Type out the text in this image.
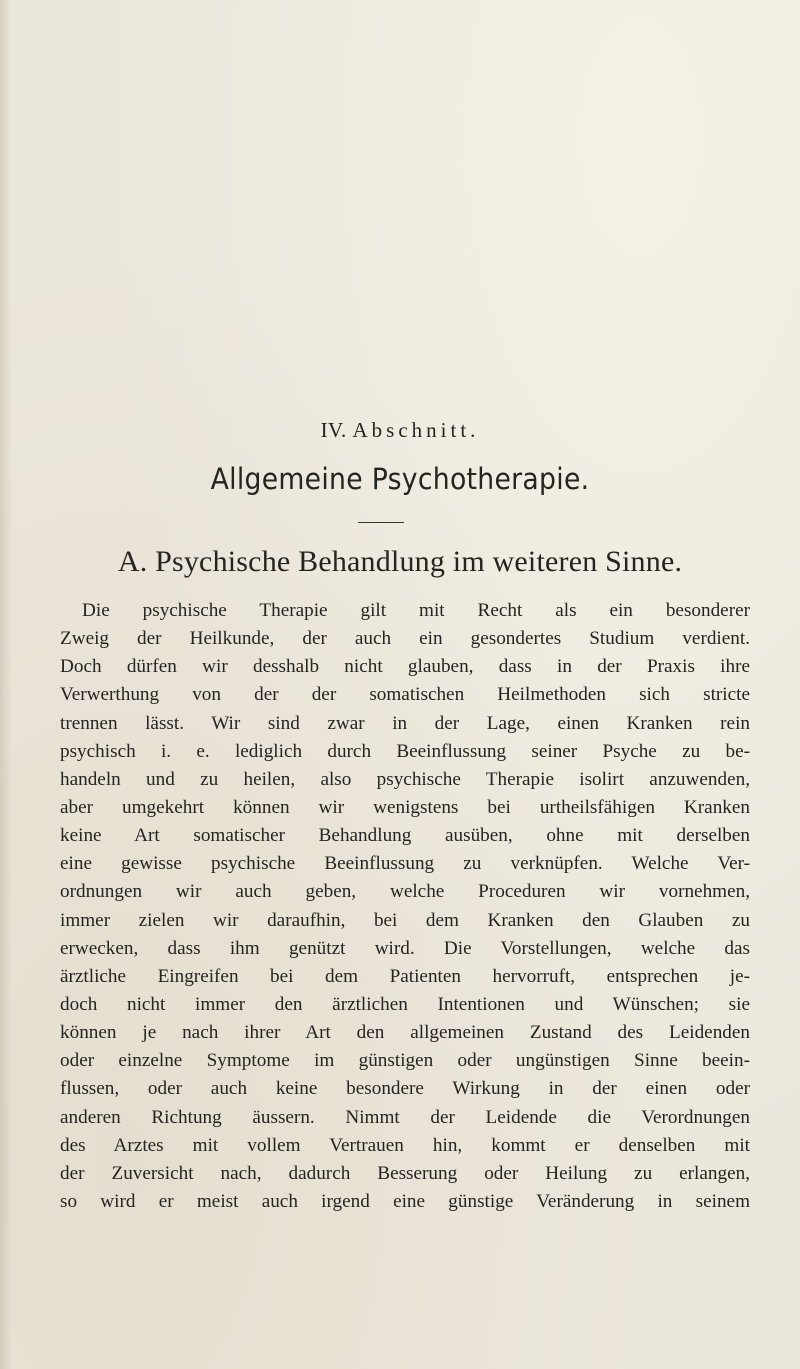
IV. Abschnitt.
Allgemeine Psychotherapie.
A. Psychische Behandlung im weiteren Sinne.
Die psychische Therapie gilt mit Recht als ein besonderer
Zweig der Heilkunde, der auch ein gesondertes Studium verdient.
Doch dürfen wir desshalb nicht glauben, dass in der Praxis ihre
Verwerthung von der der somatischen Heilmethoden sich stricte
trennen lässt. Wir sind zwar in der Lage, einen Kranken rein
psychisch i. e. lediglich durch Beeinflussung seiner Psyche zu be-
handeln und zu heilen, also psychische Therapie isolirt anzuwenden,
aber umgekehrt können wir wenigstens bei urtheilsfähigen Kranken
keine Art somatischer Behandlung ausüben, ohne mit derselben
eine gewisse psychische Beeinflussung zu verknüpfen. Welche Ver-
ordnungen wir auch geben, welche Proceduren wir vornehmen,
immer zielen wir daraufhin, bei dem Kranken den Glauben zu
erwecken, dass ihm genützt wird. Die Vorstellungen, welche das
ärztliche Eingreifen bei dem Patienten hervorruft, entsprechen je-
doch nicht immer den ärztlichen Intentionen und Wünschen; sie
können je nach ihrer Art den allgemeinen Zustand des Leidenden
oder einzelne Symptome im günstigen oder ungünstigen Sinne beein-
flussen, oder auch keine besondere Wirkung in der einen oder
anderen Richtung äussern. Nimmt der Leidende die Verordnungen
des Arztes mit vollem Vertrauen hin, kommt er denselben mit
der Zuversicht nach, dadurch Besserung oder Heilung zu erlangen,
so wird er meist auch irgend eine günstige Veränderung in seinem
